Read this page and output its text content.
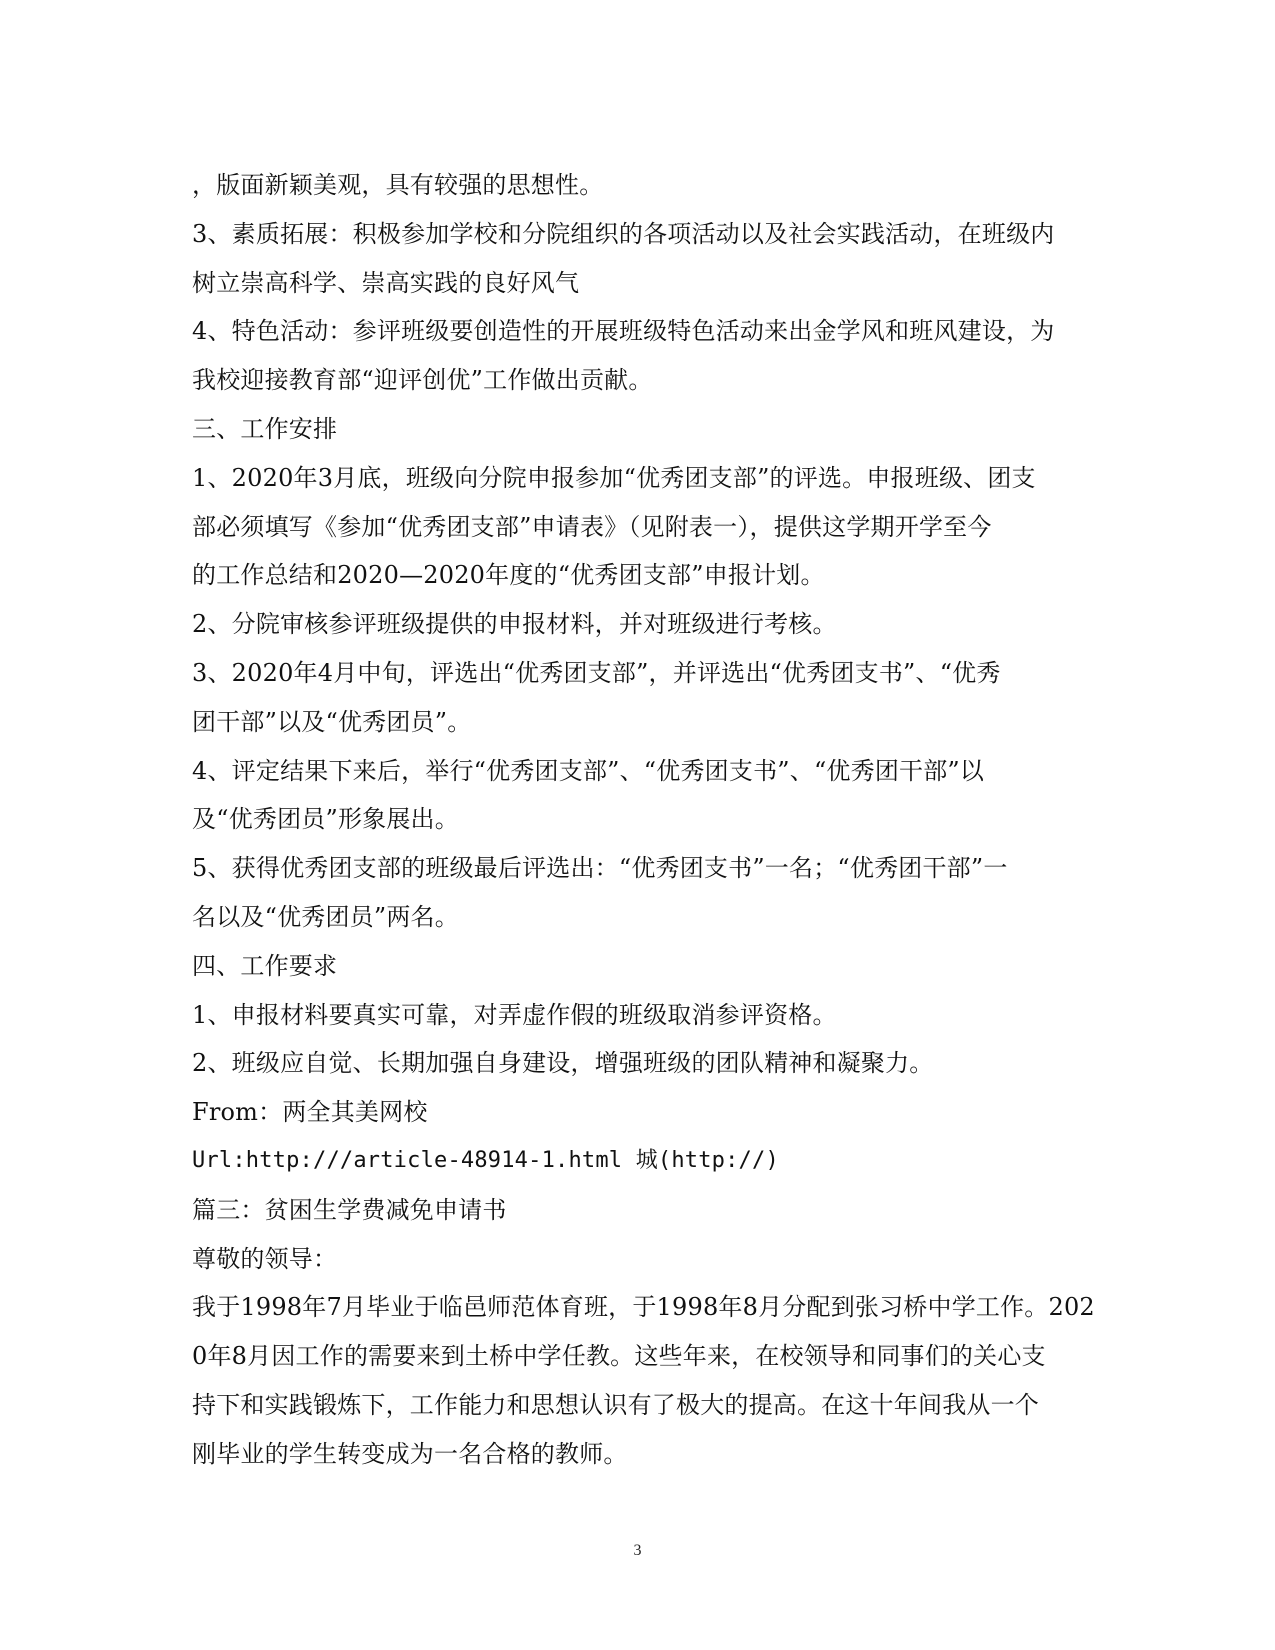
，版面新颖美观，具有较强的思想性。
3、素质拓展：积极参加学校和分院组织的各项活动以及社会实践活动，在班级内
树立崇高科学、崇高实践的良好风气
4、特色活动：参评班级要创造性的开展班级特色活动来出金学风和班风建设，为
我校迎接教育部“迎评创优”工作做出贡献。
三、工作安排
1、2020年3月底，班级向分院申报参加“优秀团支部”的评选。申报班级、团支
部必须填写《参加“优秀团支部”申请表》（见附表一），提供这学期开学至今
的工作总结和2020—2020年度的“优秀团支部”申报计划。
2、分院审核参评班级提供的申报材料，并对班级进行考核。
3、2020年4月中旬，评选出“优秀团支部”，并评选出“优秀团支书”、“优秀
团干部”以及“优秀团员”。
4、评定结果下来后，举行“优秀团支部”、“优秀团支书”、“优秀团干部”以
及“优秀团员”形象展出。
5、获得优秀团支部的班级最后评选出：“优秀团支书”一名；“优秀团干部”一
名以及“优秀团员”两名。
四、工作要求
1、申报材料要真实可靠，对弄虚作假的班级取消参评资格。
2、班级应自觉、长期加强自身建设，增强班级的团队精神和凝聚力。
From：两全其美网校
Url:http:///article-48914-1.html 城(http://)
篇三：贫困生学费减免申请书
尊敬的领导：
我于1998年7月毕业于临邑师范体育班，于1998年8月分配到张习桥中学工作。202
0年8月因工作的需要来到土桥中学任教。这些年来，在校领导和同事们的关心支
持下和实践锻炼下，工作能力和思想认识有了极大的提高。在这十年间我从一个
刚毕业的学生转变成为一名合格的教师。
3
